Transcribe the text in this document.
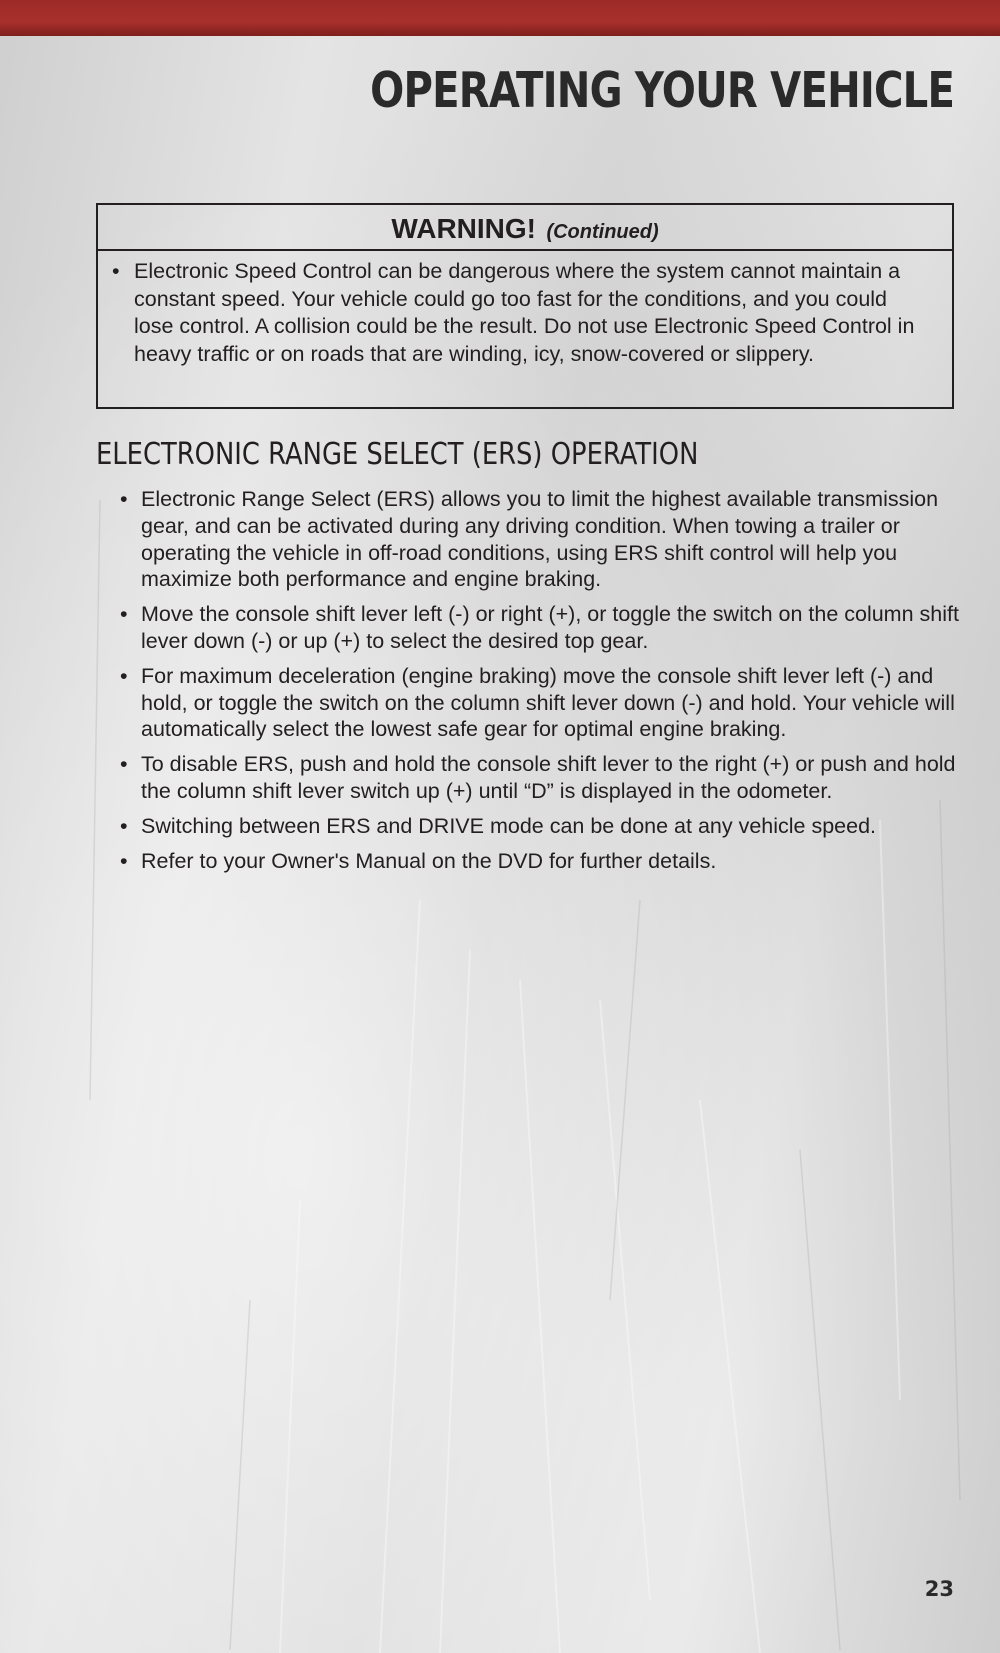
OPERATING YOUR VEHICLE
WARNING! (Continued)
• Electronic Speed Control can be dangerous where the system cannot maintain a constant speed. Your vehicle could go too fast for the conditions, and you could lose control. A collision could be the result. Do not use Electronic Speed Control in heavy traffic or on roads that are winding, icy, snow-covered or slippery.
ELECTRONIC RANGE SELECT (ERS) OPERATION
• Electronic Range Select (ERS) allows you to limit the highest available transmission gear, and can be activated during any driving condition. When towing a trailer or operating the vehicle in off-road conditions, using ERS shift control will help you maximize both performance and engine braking.
• Move the console shift lever left (-) or right (+), or toggle the switch on the column shift lever down (-) or up (+) to select the desired top gear.
• For maximum deceleration (engine braking) move the console shift lever left (-) and hold, or toggle the switch on the column shift lever down (-) and hold. Your vehicle will automatically select the lowest safe gear for optimal engine braking.
• To disable ERS, push and hold the console shift lever to the right (+) or push and hold the column shift lever switch up (+) until “D” is displayed in the odometer.
• Switching between ERS and DRIVE mode can be done at any vehicle speed.
• Refer to your Owner's Manual on the DVD for further details.
23
